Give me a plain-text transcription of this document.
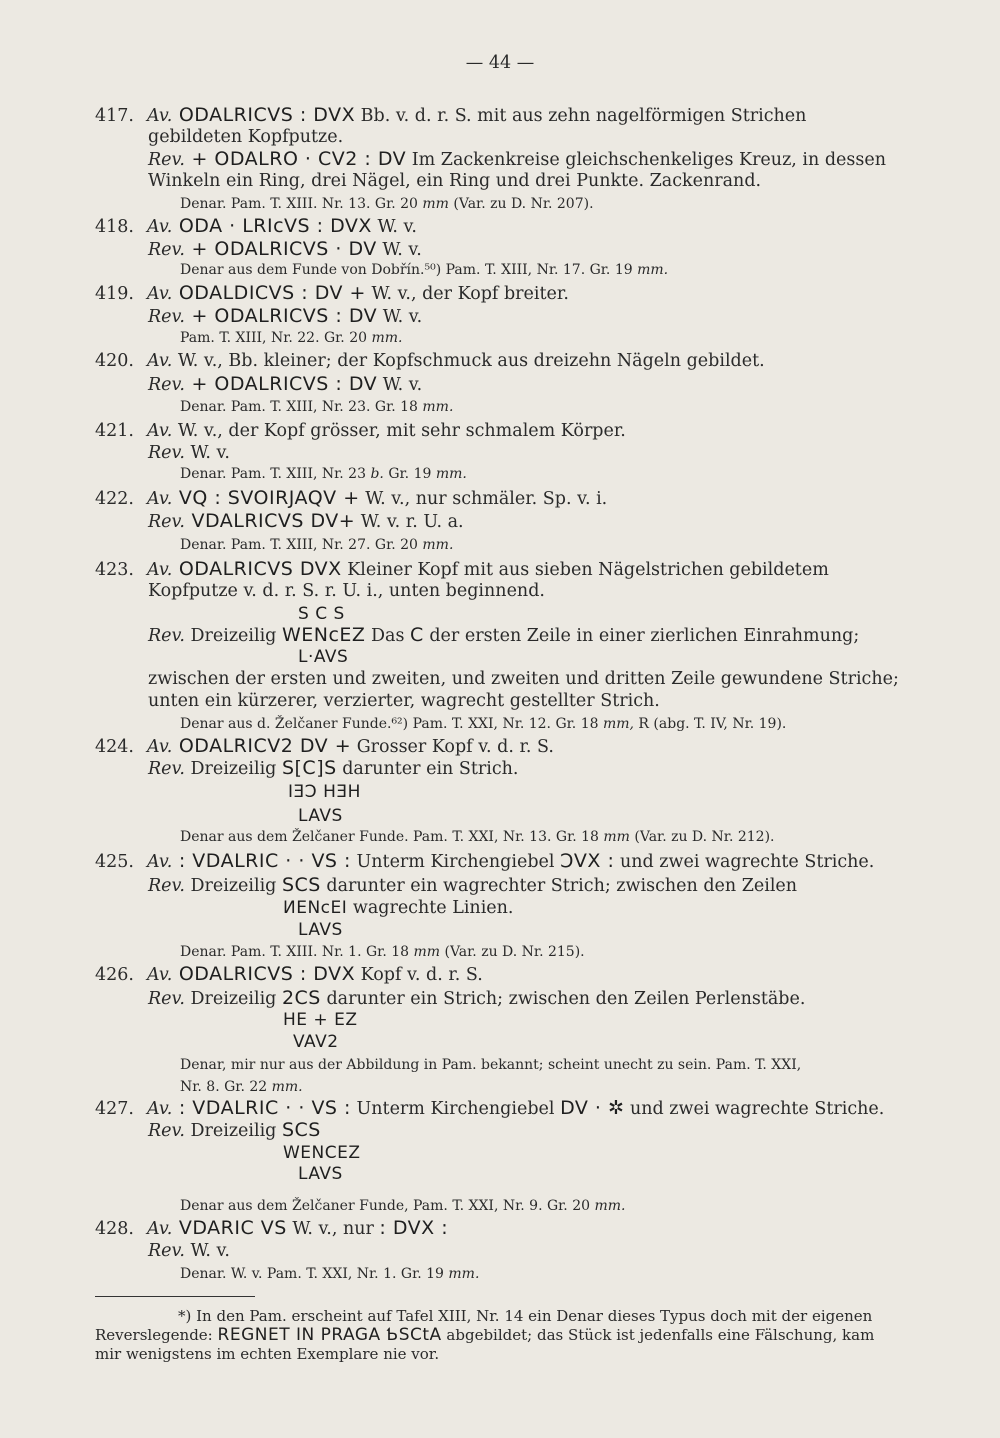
— 44 —
417. Av. ODALRICVS : DVX Bb. v. d. r. S. mit aus zehn nagelförmigen Strichen
gebildeten Kopfputze.
Rev. + ODALRO · CV2 : DV Im Zackenkreise gleichschenkeliges Kreuz, in dessen
Winkeln ein Ring, drei Nägel, ein Ring und drei Punkte. Zackenrand.
Denar. Pam. T. XIII. Nr. 13. Gr. 20 mm (Var. zu D. Nr. 207).
418. Av. ODA · LRIcVS : DVX W. v.
Rev. + ODALRICVS · DV W. v.
Denar aus dem Funde von Dobřín.⁵⁰) Pam. T. XIII, Nr. 17. Gr. 19 mm.
419. Av. ODALDICVS : DV + W. v., der Kopf breiter.
Rev. + ODALRICVS : DV W. v.
Pam. T. XIII, Nr. 22. Gr. 20 mm.
420. Av. W. v., Bb. kleiner; der Kopfschmuck aus dreizehn Nägeln gebildet.
Rev. + ODALRICVS : DV W. v.
Denar. Pam. T. XIII, Nr. 23. Gr. 18 mm.
421. Av. W. v., der Kopf grösser, mit sehr schmalem Körper.
Rev. W. v.
Denar. Pam. T. XIII, Nr. 23 b. Gr. 19 mm.
422. Av. VQ : SVOIRJAQV + W. v., nur schmäler. Sp. v. i.
Rev. VDALRICVS DV+ W. v. r. U. a.
Denar. Pam. T. XIII, Nr. 27. Gr. 20 mm.
423. Av. ODALRICVS DVX Kleiner Kopf mit aus sieben Nägelstrichen gebildetem
Kopfputze v. d. r. S. r. U. i., unten beginnend.
S C S
Rev. Dreizeilig WENcEZ Das C der ersten Zeile in einer zierlichen Einrahmung;
L·AVS
zwischen der ersten und zweiten, und zweiten und dritten Zeile gewundene Striche;
unten ein kürzerer, verzierter, wagrecht gestellter Strich.
Denar aus d. Želčaner Funde.⁶²) Pam. T. XXI, Nr. 12. Gr. 18 mm, R (abg. T. IV, Nr. 19).
424. Av. ODALRICV2 DV + Grosser Kopf v. d. r. S.
Rev. Dreizeilig S[C]S darunter ein Strich.
IƎϽ HƎH
LAVS
Denar aus dem Želčaner Funde. Pam. T. XXI, Nr. 13. Gr. 18 mm (Var. zu D. Nr. 212).
425. Av. : VDALRIC · · VS : Unterm Kirchengiebel ϽVX : und zwei wagrechte Striche.
Rev. Dreizeilig SCS darunter ein wagrechter Strich; zwischen den Zeilen
ИENcEI wagrechte Linien.
LAVS
Denar. Pam. T. XIII. Nr. 1. Gr. 18 mm (Var. zu D. Nr. 215).
426. Av. ODALRICVS : DVX Kopf v. d. r. S.
Rev. Dreizeilig 2CS darunter ein Strich; zwischen den Zeilen Perlenstäbe.
HE + EZ
VAV2
Denar, mir nur aus der Abbildung in Pam. bekannt; scheint unecht zu sein. Pam. T. XXI,
Nr. 8. Gr. 22 mm.
427. Av. : VDALRIC · · VS : Unterm Kirchengiebel DV · ✲ und zwei wagrechte Striche.
Rev. Dreizeilig SCS
WENCEZ
LAVS
Denar aus dem Želčaner Funde, Pam. T. XXI, Nr. 9. Gr. 20 mm.
428. Av. VDARIC VS W. v., nur : DVX :
Rev. W. v.
Denar. W. v. Pam. T. XXI, Nr. 1. Gr. 19 mm.
*) In den Pam. erscheint auf Tafel XIII, Nr. 14 ein Denar dieses Typus doch mit der eigenen
Reverslegende: REGNET IN PRAGA ƄSCtA abgebildet; das Stück ist jedenfalls eine Fälschung, kam
mir wenigstens im echten Exemplare nie vor.
